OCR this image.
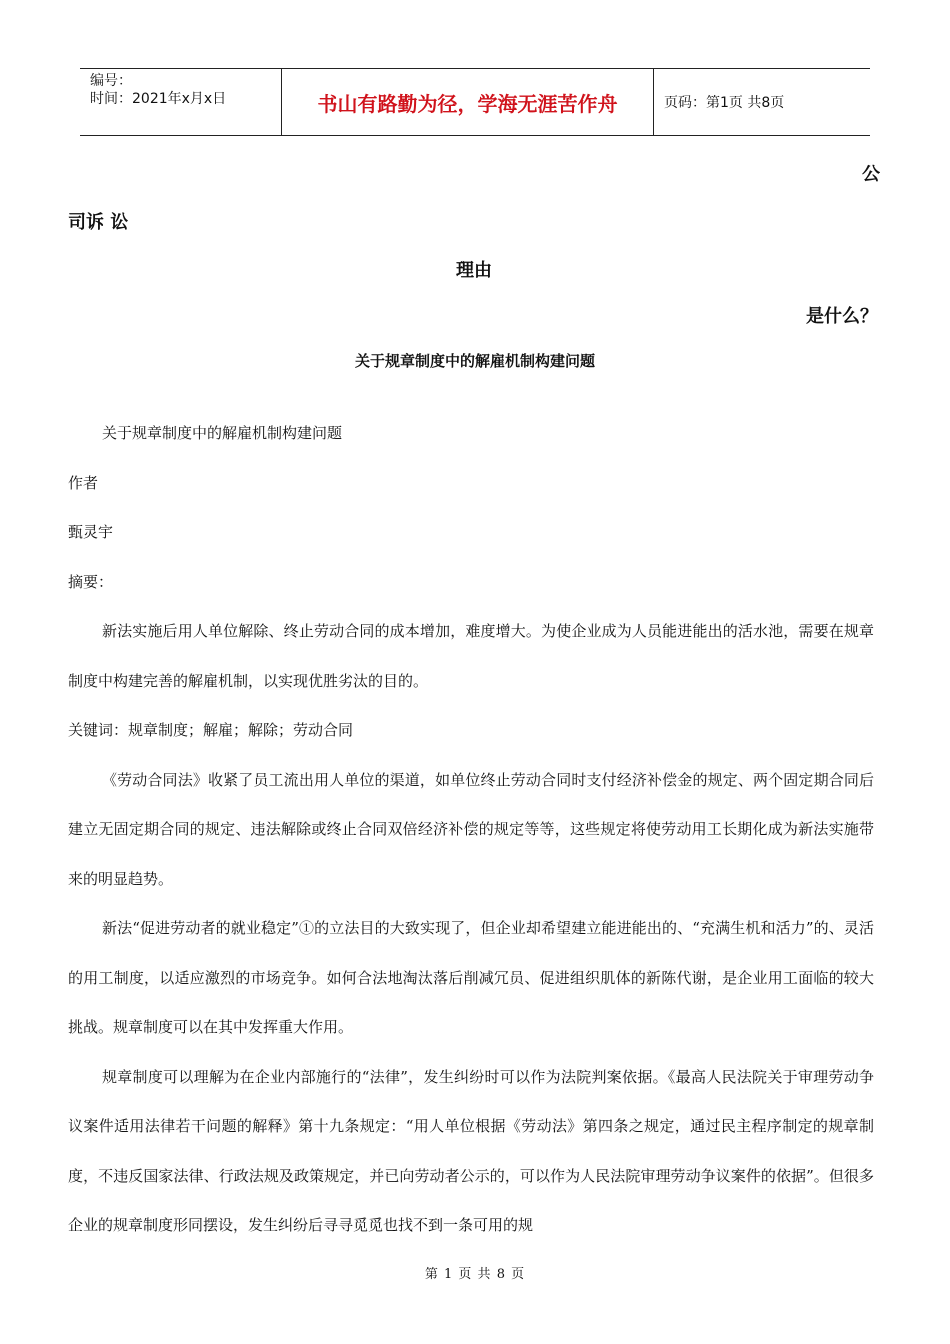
编号：
时间：2021年x月x日	书山有路勤为径，学海无涯苦作舟	页码：第1页 共8页
公
司诉 讼
理由
是什么？
关于规章制度中的解雇机制构建问题

关于规章制度中的解雇机制构建问题

作者

甄灵宇

摘要：

新法实施后用人单位解除、终止劳动合同的成本增加，难度增大。为使企业成为人员能进能出的活水池，需要在规章制度中构建完善的解雇机制，以实现优胜劣汰的目的。

关键词：规章制度；解雇；解除；劳动合同

《劳动合同法》收紧了员工流出用人单位的渠道，如单位终止劳动合同时支付经济补偿金的规定、两个固定期合同后建立无固定期合同的规定、违法解除或终止合同双倍经济补偿的规定等等，这些规定将使劳动用工长期化成为新法实施带来的明显趋势。

新法“促进劳动者的就业稳定”①的立法目的大致实现了，但企业却希望建立能进能出的、“充满生机和活力”的、灵活的用工制度，以适应激烈的市场竞争。如何合法地淘汰落后削减冗员、促进组织肌体的新陈代谢，是企业用工面临的较大挑战。规章制度可以在其中发挥重大作用。

规章制度可以理解为在企业内部施行的“法律”，发生纠纷时可以作为法院判案依据。《最高人民法院关于审理劳动争议案件适用法律若干问题的解释》第十九条规定：“用人单位根据《劳动法》第四条之规定，通过民主程序制定的规章制度，不违反国家法律、行政法规及政策规定，并已向劳动者公示的，可以作为人民法院审理劳动争议案件的依据”。但很多企业的规章制度形同摆设，发生纠纷后寻寻觅觅也找不到一条可用的规

第 1 页 共 8 页
